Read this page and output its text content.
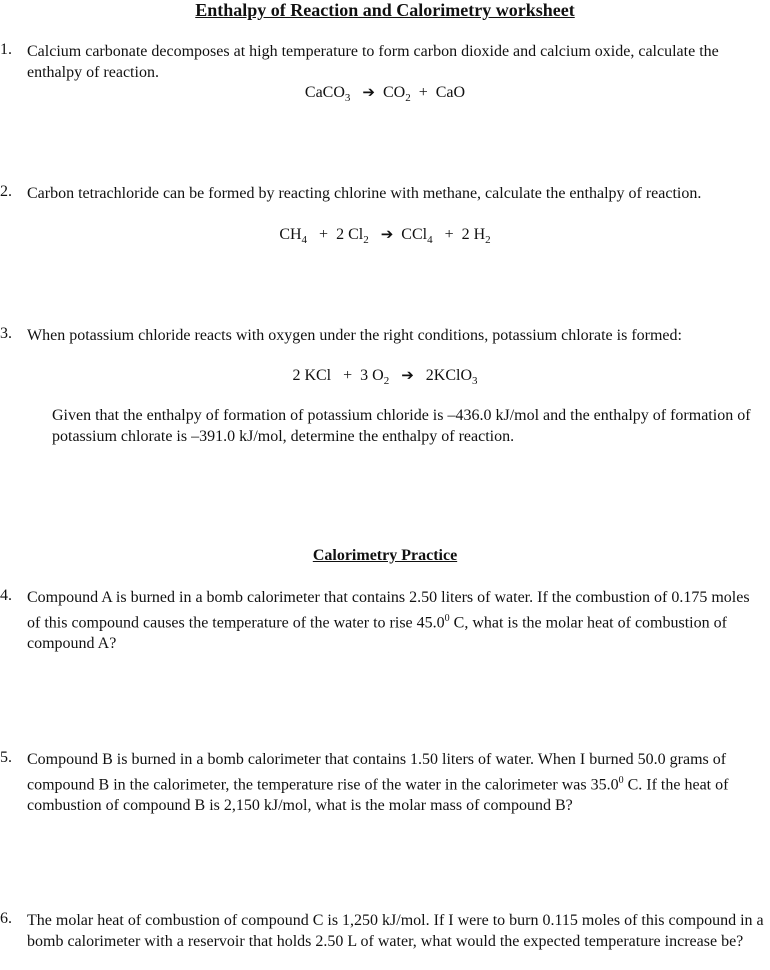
Enthalpy of Reaction and Calorimetry worksheet
1. Calcium carbonate decomposes at high temperature to form carbon dioxide and calcium oxide, calculate the enthalpy of reaction.
CaCO$_3$ ➔ $CO_2$ + CaO
2. Carbon tetrachloride can be formed by reacting chlorine with methane, calculate the enthalpy of reaction.
$CH_4 + 2$ $Cl_2$ ➔ CCl$_4$ + 2 $H_2$
3. When potassium chloride reacts with oxygen under the right conditions, potassium chlorate is formed:
2 KCl + 3 $O_2$ ➔ 2KClO$_3$
Given that the enthalpy of formation of potassium chloride is –436.0 kJ/mol and the enthalpy of formation of potassium chlorate is –391.0 kJ/mol, determine the enthalpy of reaction.
Calorimetry Practice
4. Compound A is burned in a bomb calorimeter that contains 2.50 liters of water. If the combustion of 0.175 moles of this compound causes the temperature of the water to rise 45.0$^0$ C, what is the molar heat of combustion of compound A?
5. Compound B is burned in a bomb calorimeter that contains 1.50 liters of water. When I burned 50.0 grams of compound B in the calorimeter, the temperature rise of the water in the calorimeter was 35.0$^0$ C. If the heat of combustion of compound B is 2,150 kJ/mol, what is the molar mass of compound B?
6. The molar heat of combustion of compound C is 1,250 kJ/mol. If I were to burn 0.115 moles of this compound in a bomb calorimeter with a reservoir that holds 2.50 L of water, what would the expected temperature increase be?
